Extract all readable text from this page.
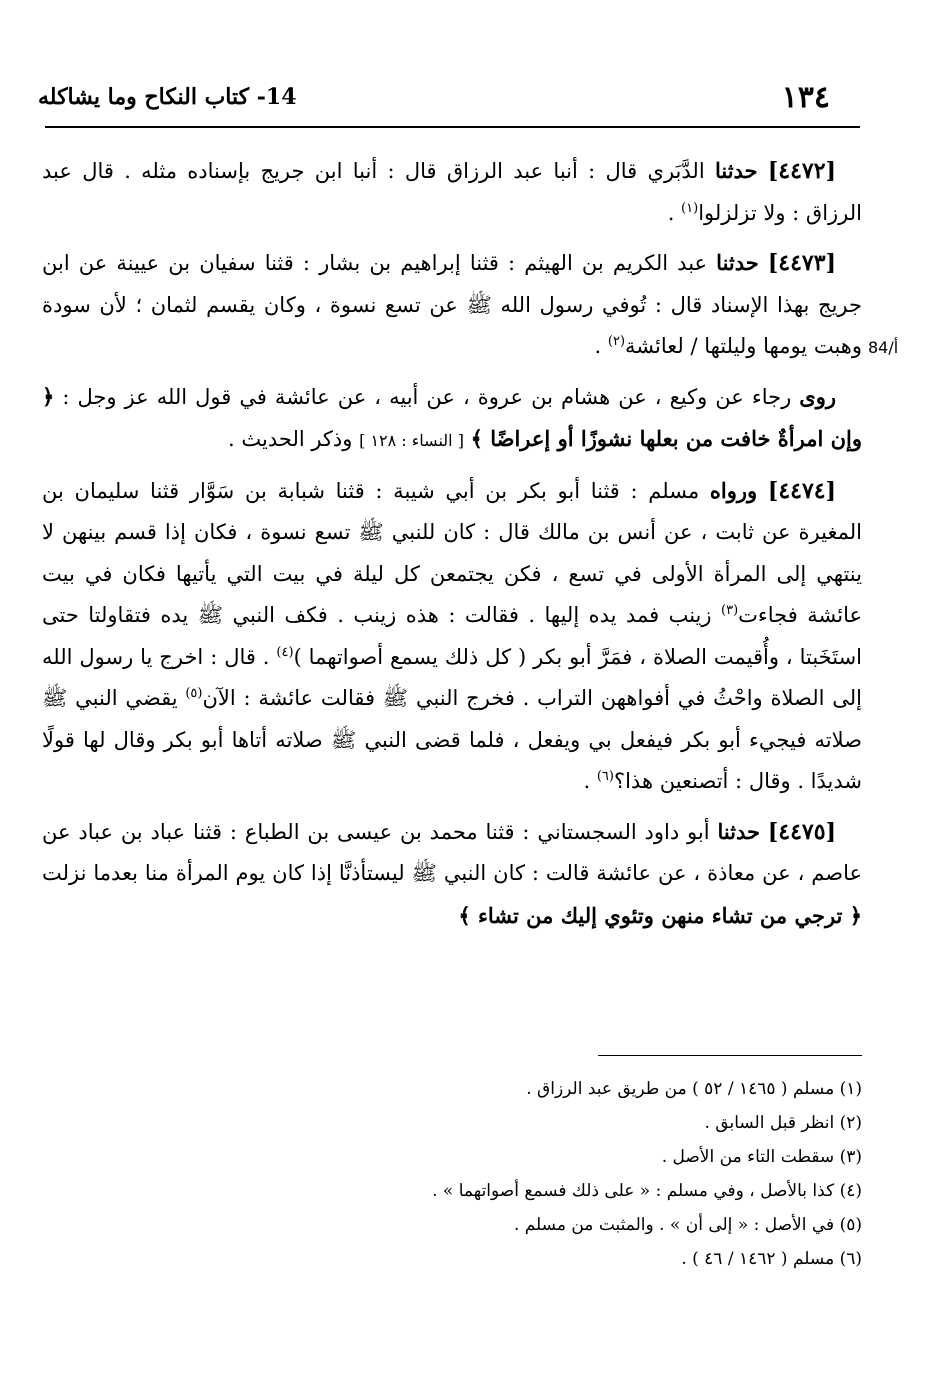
١٣٤
14- كتاب النكاح وما يشاكله
84/أ

[٤٤٧٢] حدثنا الدَّبَري قال : أنبا عبد الرزاق قال : أنبا ابن جريج بإسناده مثله . قال عبد الرزاق : ولا تزلزلوا$^{(١)}$ .

[٤٤٧٣] حدثنا عبد الكريم بن الهيثم : قثنا إبراهيم بن بشار : قثنا سفيان بن عيينة عن ابن جريج بهذا الإسناد قال : تُوفي رسول الله ﷺ عن تسع نسوة ، وكان يقسم لثمان ؛ لأن سودة وهبت يومها وليلتها / لعائشة$^{(٢)}$ .

روى رجاء عن وكيع ، عن هشام بن عروة ، عن أبيه ، عن عائشة في قول الله عز وجل : ﴿ وإن امرأةٌ خافت من بعلها نشوزًا أو إعراضًا ﴾ [ النساء : ١٢٨ ] وذكر الحديث .

[٤٤٧٤] ورواه مسلم : قثنا أبو بكر بن أبي شيبة : قثنا شبابة بن سَوَّار قثنا سليمان بن المغيرة عن ثابت ، عن أنس بن مالك قال : كان للنبي ﷺ تسع نسوة ، فكان إذا قسم بينهن لا ينتهي إلى المرأة الأولى في تسع ، فكن يجتمعن كل ليلة في بيت التي يأتيها فكان في بيت عائشة فجاءت$^{(٣)}$ زينب فمد يده إليها . فقالت : هذه زينب . فكف النبي ﷺ يده فتقاولتا حتى استَخَبتا ، وأُقيمت الصلاة ، فمَرَّ أبو بكر ( كل ذلك يسمع أصواتهما )$^{(٤)}$ . قال : اخرج يا رسول الله إلى الصلاة واحْثُ في أفواههن التراب . فخرج النبي ﷺ فقالت عائشة : الآن$^{(٥)}$ يقضي النبي ﷺ صلاته فيجيء أبو بكر فيفعل بي ويفعل ، فلما قضى النبي ﷺ صلاته أتاها أبو بكر وقال لها قولًا شديدًا . وقال : أتصنعين هذا؟$^{(٦)}$ .

[٤٤٧٥] حدثنا أبو داود السجستاني : قثنا محمد بن عيسى بن الطباع : قثنا عباد بن عباد عن عاصم ، عن معاذة ، عن عائشة قالت : كان النبي ﷺ ليستأذنَّا إذا كان يوم المرأة منا بعدما نزلت ﴿ ترجي من تشاء منهن وتئوي إليك من تشاء ﴾

(١) مسلم ( ١٤٦٥ / ٥٢ ) من طريق عبد الرزاق .

(٢) انظر قبل السابق .

(٣) سقطت التاء من الأصل .

(٤) كذا بالأصل ، وفي مسلم : « على ذلك فسمع أصواتهما » .

(٥) في الأصل : « إلى أن » . والمثبت من مسلم .

(٦) مسلم ( ١٤٦٢ / ٤٦ ) .
